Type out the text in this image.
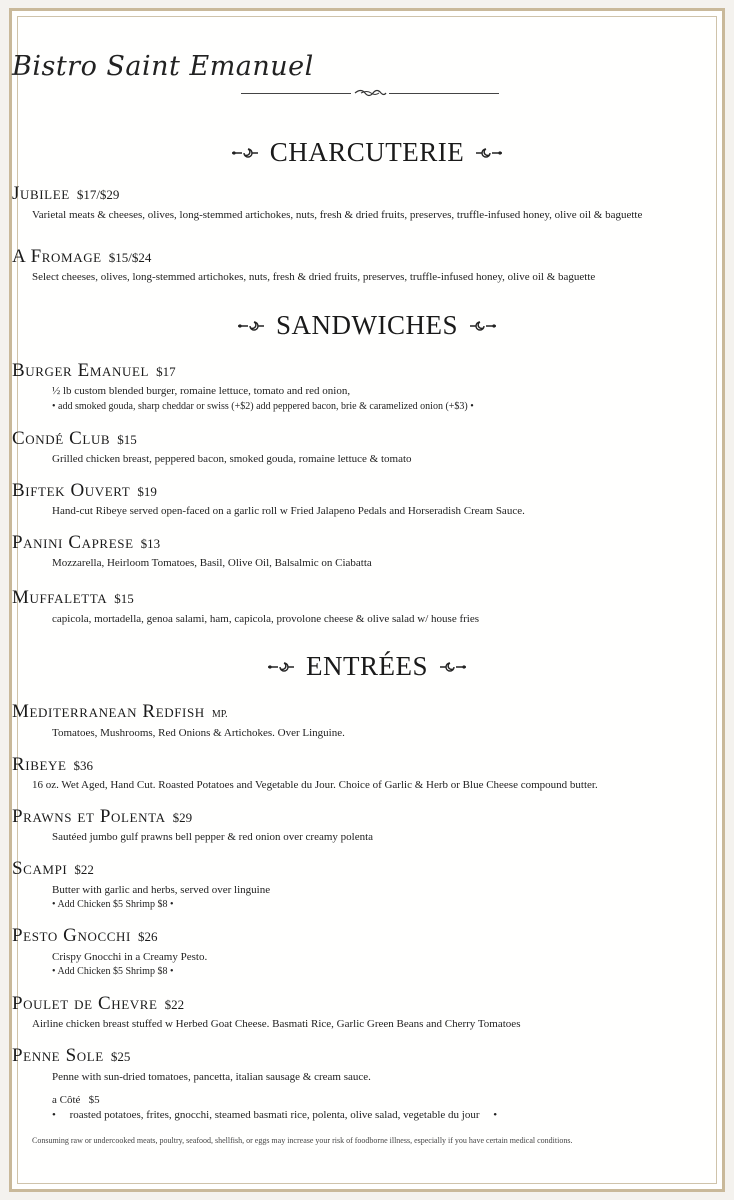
Bistro Saint Emanuel
CHARCUTERIE
Jubilee $17/$29
Varietal meats & cheeses, olives, long-stemmed artichokes, nuts, fresh & dried fruits, preserves, truffle-infused honey, olive oil & baguette
A Fromage $15/$24
Select cheeses, olives, long-stemmed artichokes, nuts, fresh & dried fruits, preserves, truffle-infused honey, olive oil & baguette
SANDWICHES
Burger Emanuel $17
½ lb custom blended burger, romaine lettuce, tomato and red onion,
• add smoked gouda, sharp cheddar or swiss (+$2) add peppered bacon, brie & caramelized onion (+$3) •
Condé Club $15
Grilled chicken breast, peppered bacon, smoked gouda, romaine lettuce & tomato
Biftek Ouvert $19
Hand-cut Ribeye served open-faced on a garlic roll w Fried Jalapeno Pedals and Horseradish Cream Sauce.
Panini Caprese $13
Mozzarella, Heirloom Tomatoes, Basil, Olive Oil, Balsalmic on Ciabatta
Muffaletta $15
capicola, mortadella, genoa salami, ham, capicola, provolone cheese & olive salad w/ house fries
ENTRÉES
Mediterranean Redfish MP.
Tomatoes, Mushrooms, Red Onions & Artichokes. Over Linguine.
Ribeye $36
16 oz. Wet Aged, Hand Cut. Roasted Potatoes and Vegetable du Jour. Choice of Garlic & Herb or Blue Cheese compound butter.
Prawns et Polenta $29
Sautéed jumbo gulf prawns bell pepper & red onion over creamy polenta
Scampi $22
Butter with garlic and herbs, served over linguine
• Add Chicken $5 Shrimp $8 •
Pesto Gnocchi $26
Crispy Gnocchi in a Creamy Pesto.
• Add Chicken $5 Shrimp $8 •
Poulet de Chevre $22
Airline chicken breast stuffed w Herbed Goat Cheese. Basmati Rice, Garlic Green Beans and Cherry Tomatoes
Penne Sole $25
Penne with sun-dried tomatoes, pancetta, italian sausage & cream sauce.
a Côté $5
•     roasted potatoes, frites, gnocchi, steamed basmati rice, polenta, olive salad, vegetable du jour     •
Consuming raw or undercooked meats, poultry, seafood, shellfish, or eggs may increase your risk of foodborne illness, especially if you have certain medical conditions.
